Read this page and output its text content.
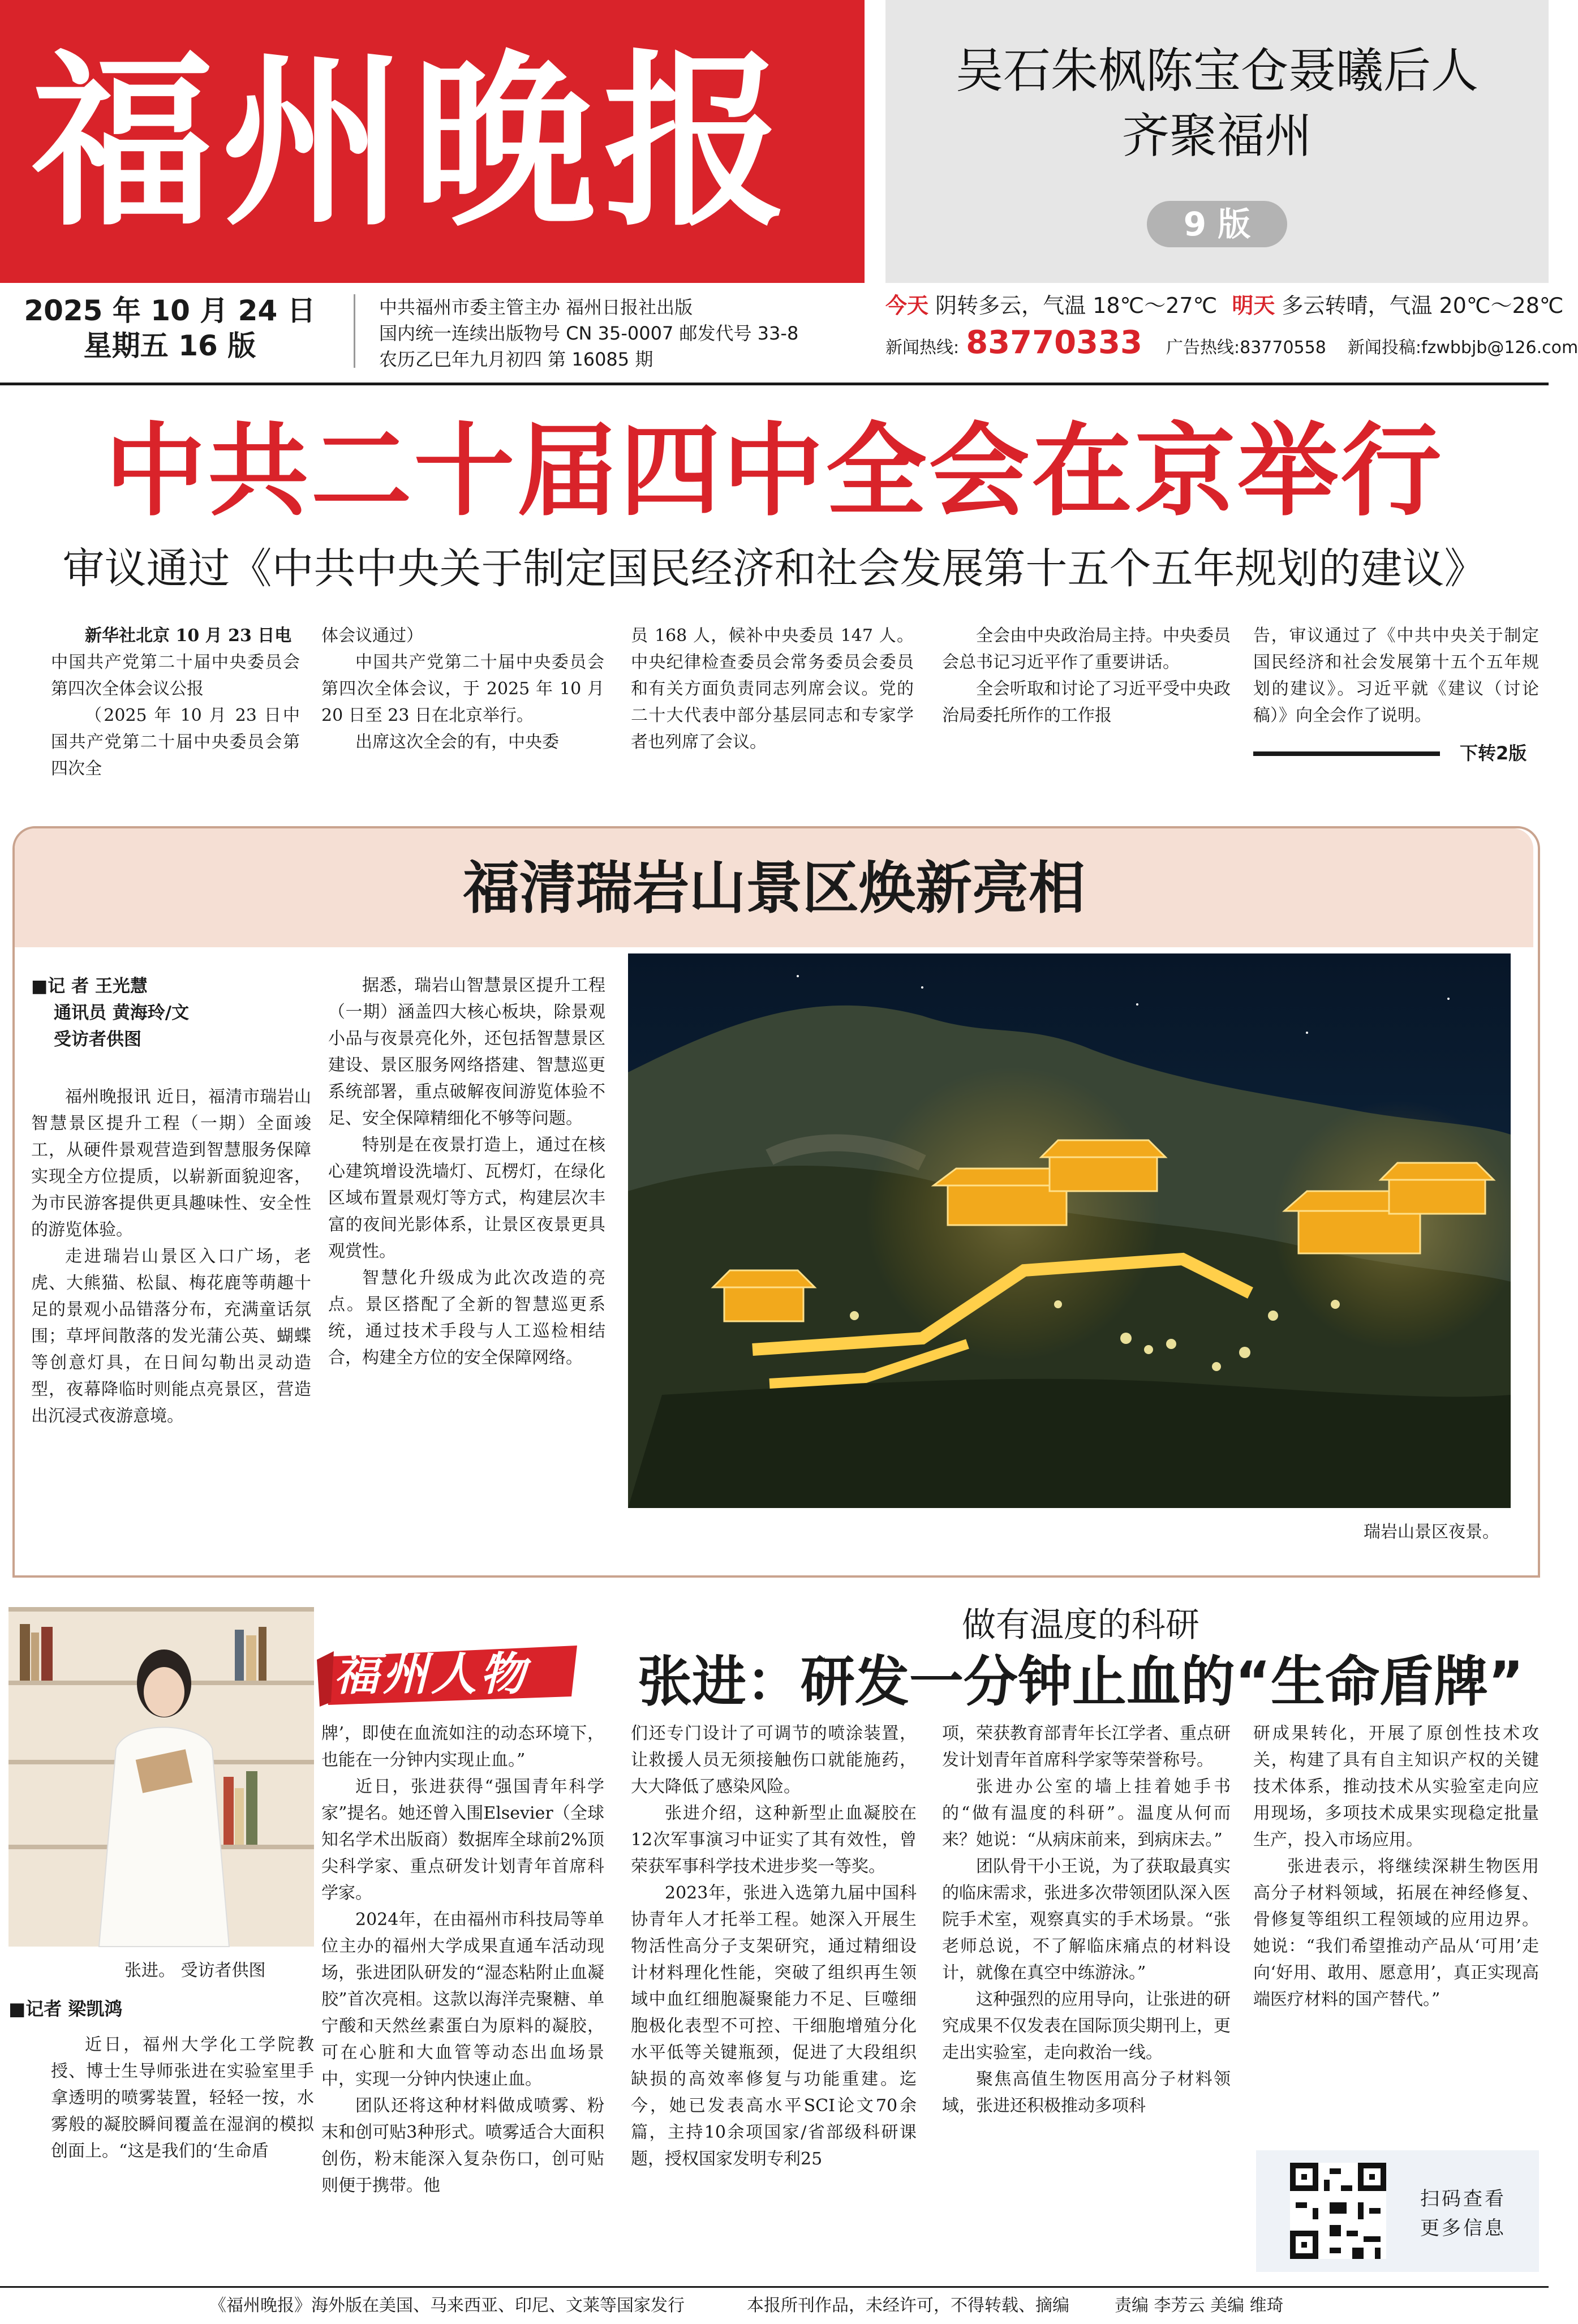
福州晚报	吴石朱枫陈宝仓聂曦后人
齐聚福州
9 版
2025 年 10 月 24 日
星期五 16 版
中共福州市委主管主办 福州日报社出版
国内统一连续出版物号 CN 35-0007 邮发代号 33-8
农历乙巳年九月初四 第 16085 期
今天 阴转多云，气温 18℃～27℃ 明天 多云转晴，气温 20℃～28℃
新闻热线: 83770333 广告热线:83770558 新闻投稿:fzwbbjb@126.com
中共二十届四中全会在京举行
审议通过《中共中央关于制定国民经济和社会发展第十五个五年规划的建议》

新华社北京 10 月 23 日电

中国共产党第二十届中央委员会第四次全体会议公报

（2025 年 10 月 23 日中国共产党第二十届中央委员会第四次全

体会议通过）

中国共产党第二十届中央委员会第四次全体会议，于 2025 年 10 月 20 日至 23 日在北京举行。

出席这次全会的有，中央委

员 168 人，候补中央委员 147 人。中央纪律检查委员会常务委员会委员和有关方面负责同志列席会议。党的二十大代表中部分基层同志和专家学者也列席了会议。

全会由中央政治局主持。中央委员会总书记习近平作了重要讲话。

全会听取和讨论了习近平受中央政治局委托所作的工作报

告，审议通过了《中共中央关于制定国民经济和社会发展第十五个五年规划的建议》。习近平就《建议（讨论稿）》向全会作了说明。

下转2版
福清瑞岩山景区焕新亮相
■记 者 王光慧
通讯员 黄海玲/文
受访者供图

福州晚报讯 近日，福清市瑞岩山智慧景区提升工程（一期）全面竣工，从硬件景观营造到智慧服务保障实现全方位提质，以崭新面貌迎客，为市民游客提供更具趣味性、安全性的游览体验。

走进瑞岩山景区入口广场，老虎、大熊猫、松鼠、梅花鹿等萌趣十足的景观小品错落分布，充满童话氛围；草坪间散落的发光蒲公英、蝴蝶等创意灯具，在日间勾勒出灵动造型，夜幕降临时则能点亮景区，营造出沉浸式夜游意境。

据悉，瑞岩山智慧景区提升工程（一期）涵盖四大核心板块，除景观小品与夜景亮化外，还包括智慧景区建设、景区服务网络搭建、智慧巡更系统部署，重点破解夜间游览体验不足、安全保障精细化不够等问题。

特别是在夜景打造上，通过在核心建筑增设洗墙灯、瓦楞灯，在绿化区域布置景观灯等方式，构建层次丰富的夜间光影体系，让景区夜景更具观赏性。

智慧化升级成为此次改造的亮点。景区搭配了全新的智慧巡更系统，通过技术手段与人工巡检相结合，构建全方位的安全保障网络。

瑞岩山景区夜景。
张进。 受访者供图
福州人物
做有温度的科研
张进：研发一分钟止血的“生命盾牌”
■记者 梁凯鸿

近日，福州大学化工学院教授、博士生导师张进在实验室里手拿透明的喷雾装置，轻轻一按，水雾般的凝胶瞬间覆盖在湿润的模拟创面上。“这是我们的‘生命盾

牌’，即使在血流如注的动态环境下，也能在一分钟内实现止血。”

近日，张进获得“强国青年科学家”提名。她还曾入围Elsevier（全球知名学术出版商）数据库全球前2%顶尖科学家、重点研发计划青年首席科学家。

2024年，在由福州市科技局等单位主办的福州大学成果直通车活动现场，张进团队研发的“湿态粘附止血凝胶”首次亮相。这款以海洋壳聚糖、单宁酸和天然丝素蛋白为原料的凝胶，可在心脏和大血管等动态出血场景中，实现一分钟内快速止血。

团队还将这种材料做成喷雾、粉末和创可贴3种形式。喷雾适合大面积创伤，粉末能深入复杂伤口，创可贴则便于携带。他

们还专门设计了可调节的喷涂装置，让救援人员无须接触伤口就能施药，大大降低了感染风险。

张进介绍，这种新型止血凝胶在12次军事演习中证实了其有效性，曾荣获军事科学技术进步奖一等奖。

2023年，张进入选第九届中国科协青年人才托举工程。她深入开展生物活性高分子支架研究，通过精细设计材料理化性能，突破了组织再生领域中血红细胞凝聚能力不足、巨噬细胞极化表型不可控、干细胞增殖分化水平低等关键瓶颈，促进了大段组织缺损的高效率修复与功能重建。迄今，她已发表高水平SCI论文70余篇，主持10余项国家/省部级科研课题，授权国家发明专利25

项，荣获教育部青年长江学者、重点研发计划青年首席科学家等荣誉称号。

张进办公室的墙上挂着她手书的“做有温度的科研”。温度从何而来？她说：“从病床前来，到病床去。”

团队骨干小王说，为了获取最真实的临床需求，张进多次带领团队深入医院手术室，观察真实的手术场景。“张老师总说，不了解临床痛点的材料设计，就像在真空中练游泳。”

这种强烈的应用导向，让张进的研究成果不仅发表在国际顶尖期刊上，更走出实验室，走向救治一线。

聚焦高值生物医用高分子材料领域，张进还积极推动多项科

研成果转化，开展了原创性技术攻关，构建了具有自主知识产权的关键技术体系，推动技术从实验室走向应用现场，多项技术成果实现稳定批量生产，投入市场应用。

张进表示，将继续深耕生物医用高分子材料领域，拓展在神经修复、骨修复等组织工程领域的应用边界。她说：“我们希望推动产品从‘可用’走向‘好用、敢用、愿意用’，真正实现高端医疗材料的国产替代。”

扫码查看
更多信息
《福州晚报》海外版在美国、马来西亚、印尼、文莱等国家发行	本报所刊作品，未经许可，不得转载、摘编	责编 李芳云 美编 维琦
